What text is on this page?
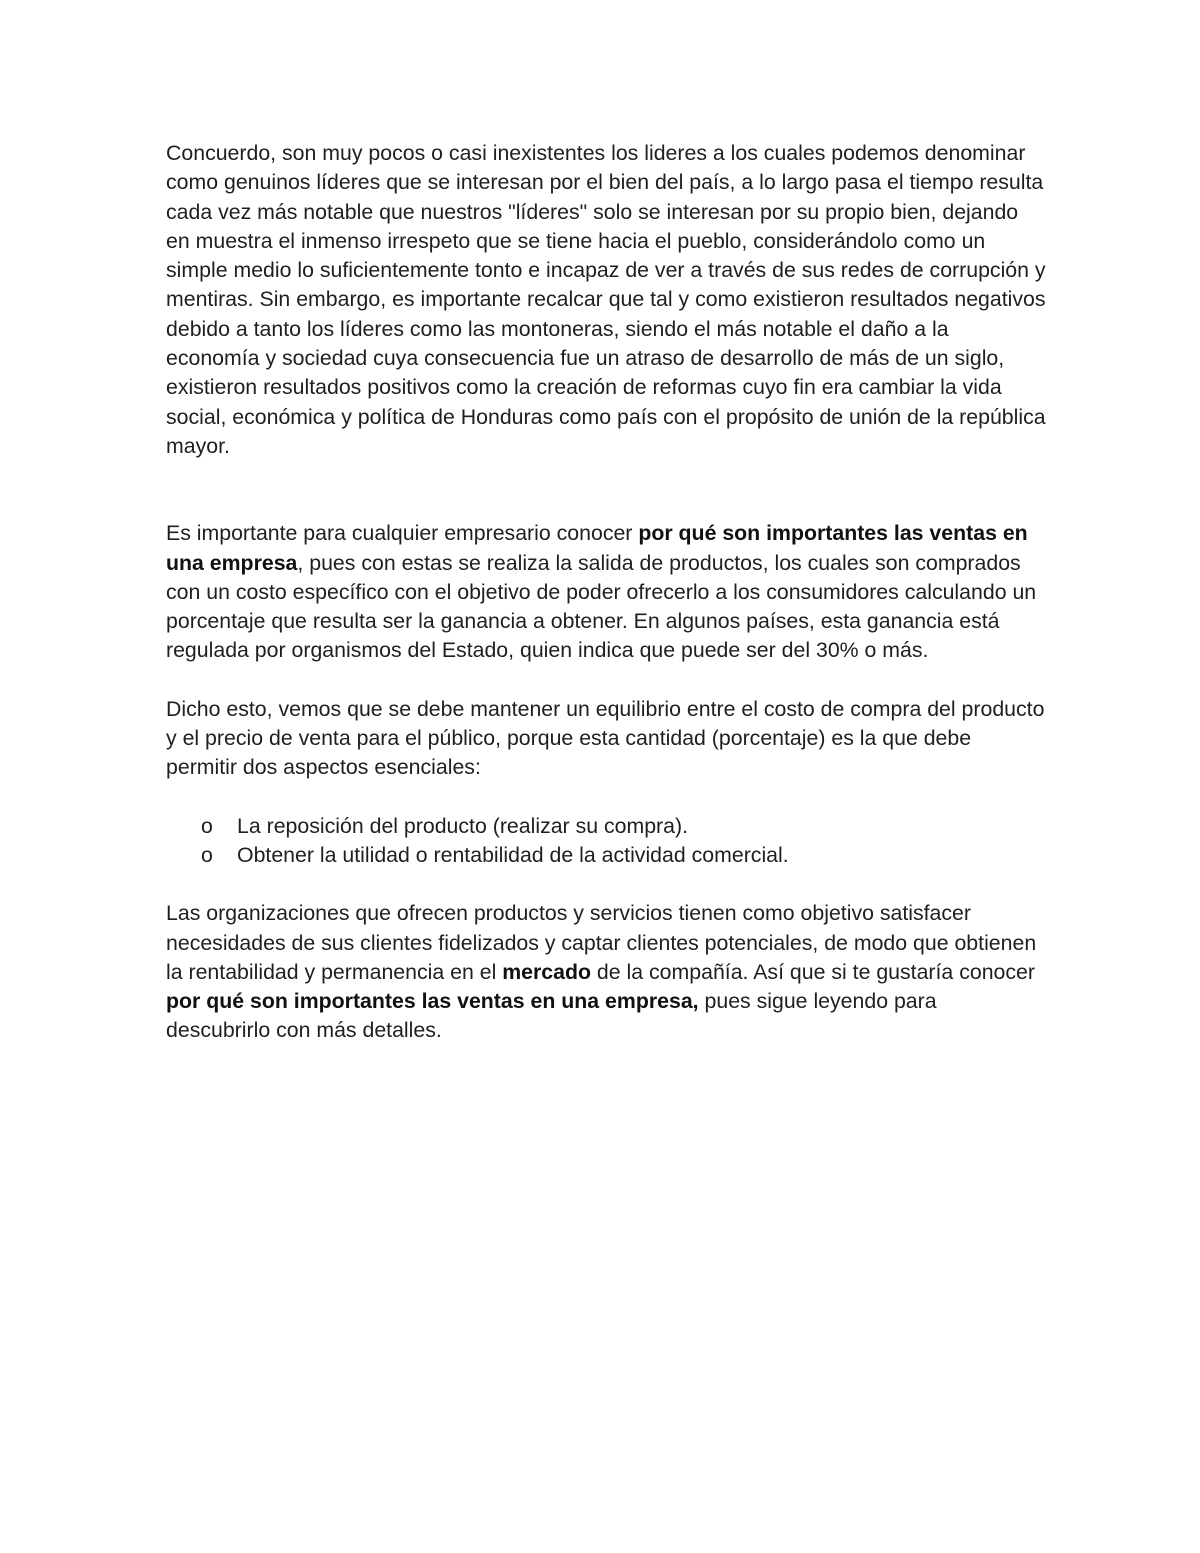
Concuerdo, son muy pocos o casi inexistentes los lideres a los cuales podemos denominar como genuinos líderes que se interesan por el bien del país, a lo largo pasa el tiempo resulta cada vez más notable que nuestros "líderes" solo se interesan por su propio bien, dejando en muestra el inmenso irrespeto que se tiene hacia el pueblo, considerándolo como un simple medio lo suficientemente tonto e incapaz de ver a través de sus redes de corrupción y mentiras. Sin embargo, es importante recalcar que tal y como existieron resultados negativos debido a tanto los líderes como las montoneras, siendo el más notable el daño a la economía y sociedad cuya consecuencia fue un atraso de desarrollo de más de un siglo, existieron resultados positivos como la creación de reformas cuyo fin era cambiar la vida social, económica y política de Honduras como país con el propósito de unión de la república mayor.

Es importante para cualquier empresario conocer por qué son importantes las ventas en una empresa, pues con estas se realiza la salida de productos, los cuales son comprados con un costo específico con el objetivo de poder ofrecerlo a los consumidores calculando un porcentaje que resulta ser la ganancia a obtener. En algunos países, esta ganancia está regulada por organismos del Estado, quien indica que puede ser del 30% o más.

Dicho esto, vemos que se debe mantener un equilibrio entre el costo de compra del producto y el precio de venta para el público, porque esta cantidad (porcentaje) es la que debe permitir dos aspectos esenciales:

o La reposición del producto (realizar su compra).
o Obtener la utilidad o rentabilidad de la actividad comercial.

Las organizaciones que ofrecen productos y servicios tienen como objetivo satisfacer necesidades de sus clientes fidelizados y captar clientes potenciales, de modo que obtienen la rentabilidad y permanencia en el mercado de la compañía. Así que si te gustaría conocer por qué son importantes las ventas en una empresa, pues sigue leyendo para descubrirlo con más detalles.
